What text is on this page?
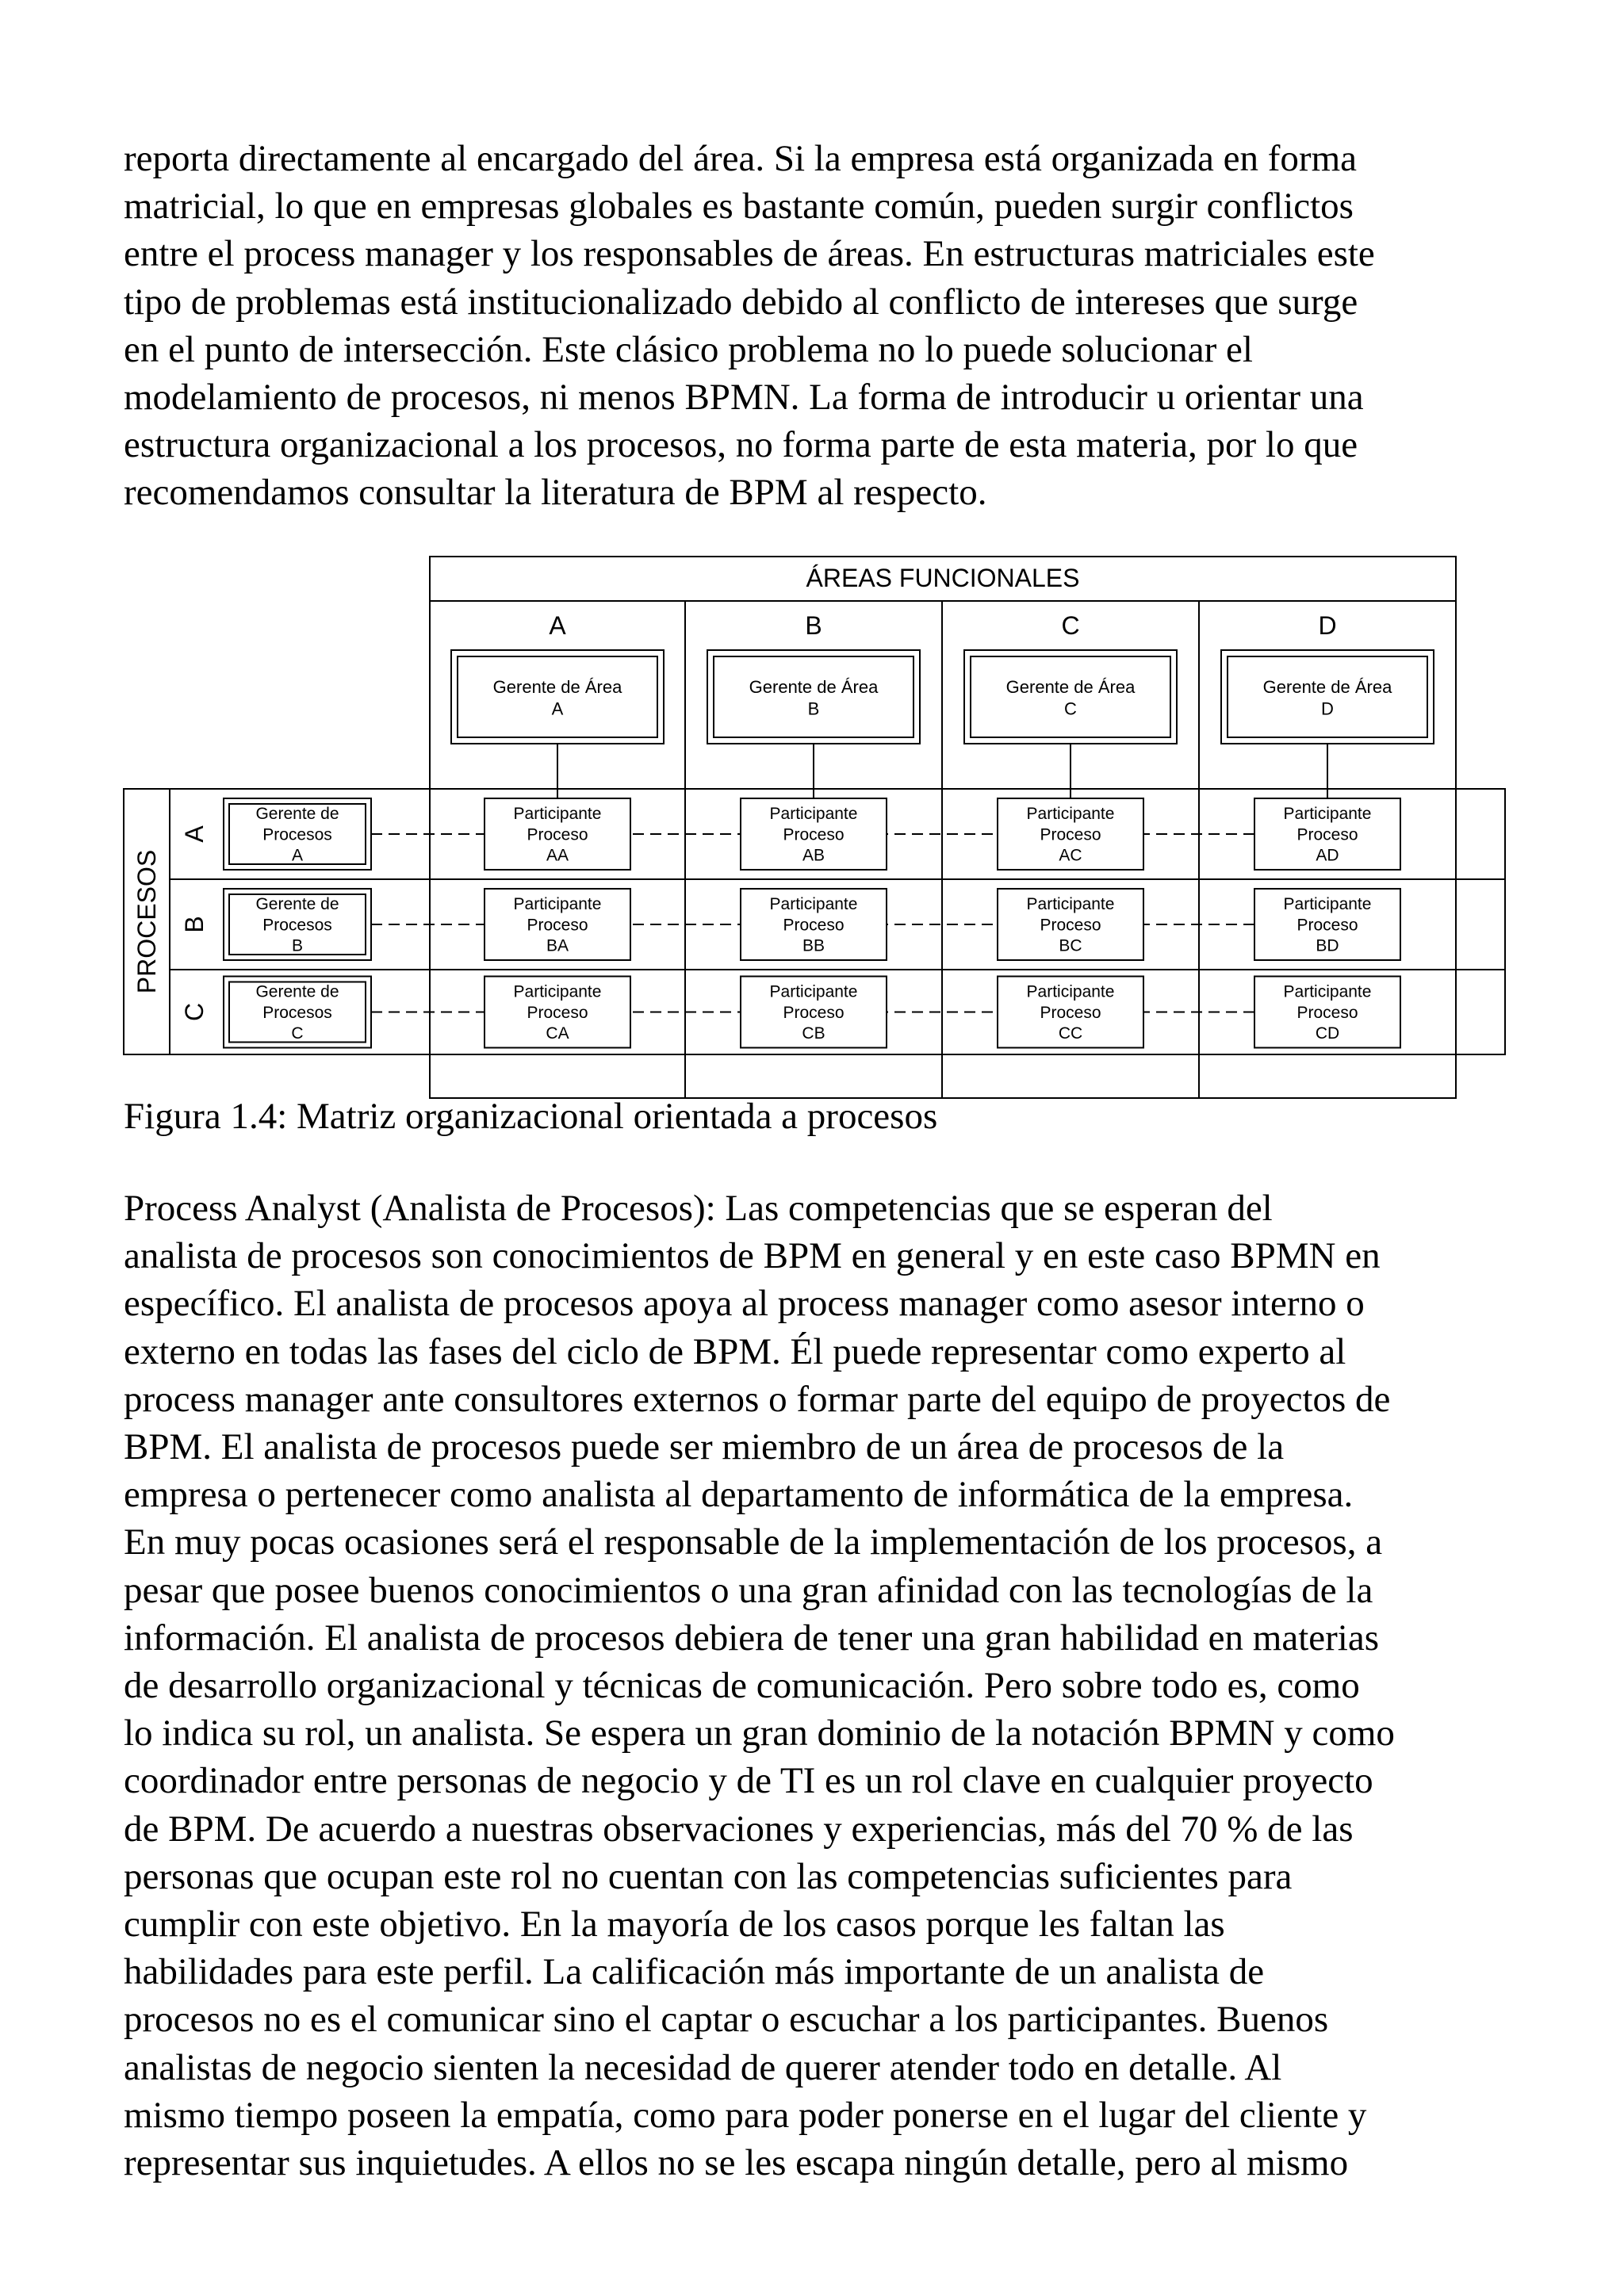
reporta directamente al encargado del área. Si la empresa está organizada en forma
matricial, lo que en empresas globales es bastante común, pueden surgir conflictos
entre el process manager y los responsables de áreas. En estructuras matriciales este
tipo de problemas está institucionalizado debido al conflicto de intereses que surge
en el punto de intersección. Este clásico problema no lo puede solucionar el
modelamiento de procesos, ni menos BPMN. La forma de introducir u orientar una
estructura organizacional a los procesos, no forma parte de esta materia, por lo que
recomendamos consultar la literatura de BPM al respecto.

ÁREAS FUNCIONALES
PROCESOS
A
Gerente de Área
A
B
Gerente de Área
B
C
Gerente de Área
C
D
Gerente de Área
D
A
Gerente de
Procesos
A
Participante
Proceso
AA
Participante
Proceso
AB
Participante
Proceso
AC
Participante
Proceso
AD
B
Gerente de
Procesos
B
Participante
Proceso
BA
Participante
Proceso
BB
Participante
Proceso
BC
Participante
Proceso
BD
C
Gerente de
Procesos
C
Participante
Proceso
CA
Participante
Proceso
CB
Participante
Proceso
CC
Participante
Proceso
CD

Figura 1.4: Matriz organizacional orientada a procesos

Process Analyst (Analista de Procesos): Las competencias que se esperan del
analista de procesos son conocimientos de BPM en general y en este caso BPMN en
específico. El analista de procesos apoya al process manager como asesor interno o
externo en todas las fases del ciclo de BPM. Él puede representar como experto al
process manager ante consultores externos o formar parte del equipo de proyectos de
BPM. El analista de procesos puede ser miembro de un área de procesos de la
empresa o pertenecer como analista al departamento de informática de la empresa.
En muy pocas ocasiones será el responsable de la implementación de los procesos, a
pesar que posee buenos conocimientos o una gran afinidad con las tecnologías de la
información. El analista de procesos debiera de tener una gran habilidad en materias
de desarrollo organizacional y técnicas de comunicación. Pero sobre todo es, como
lo indica su rol, un analista. Se espera un gran dominio de la notación BPMN y como
coordinador entre personas de negocio y de TI es un rol clave en cualquier proyecto
de BPM. De acuerdo a nuestras observaciones y experiencias, más del 70 % de las
personas que ocupan este rol no cuentan con las competencias suficientes para
cumplir con este objetivo. En la mayoría de los casos porque les faltan las
habilidades para este perfil. La calificación más importante de un analista de
procesos no es el comunicar sino el captar o escuchar a los participantes. Buenos
analistas de negocio sienten la necesidad de querer atender todo en detalle. Al
mismo tiempo poseen la empatía, como para poder ponerse en el lugar del cliente y
representar sus inquietudes. A ellos no se les escapa ningún detalle, pero al mismo
